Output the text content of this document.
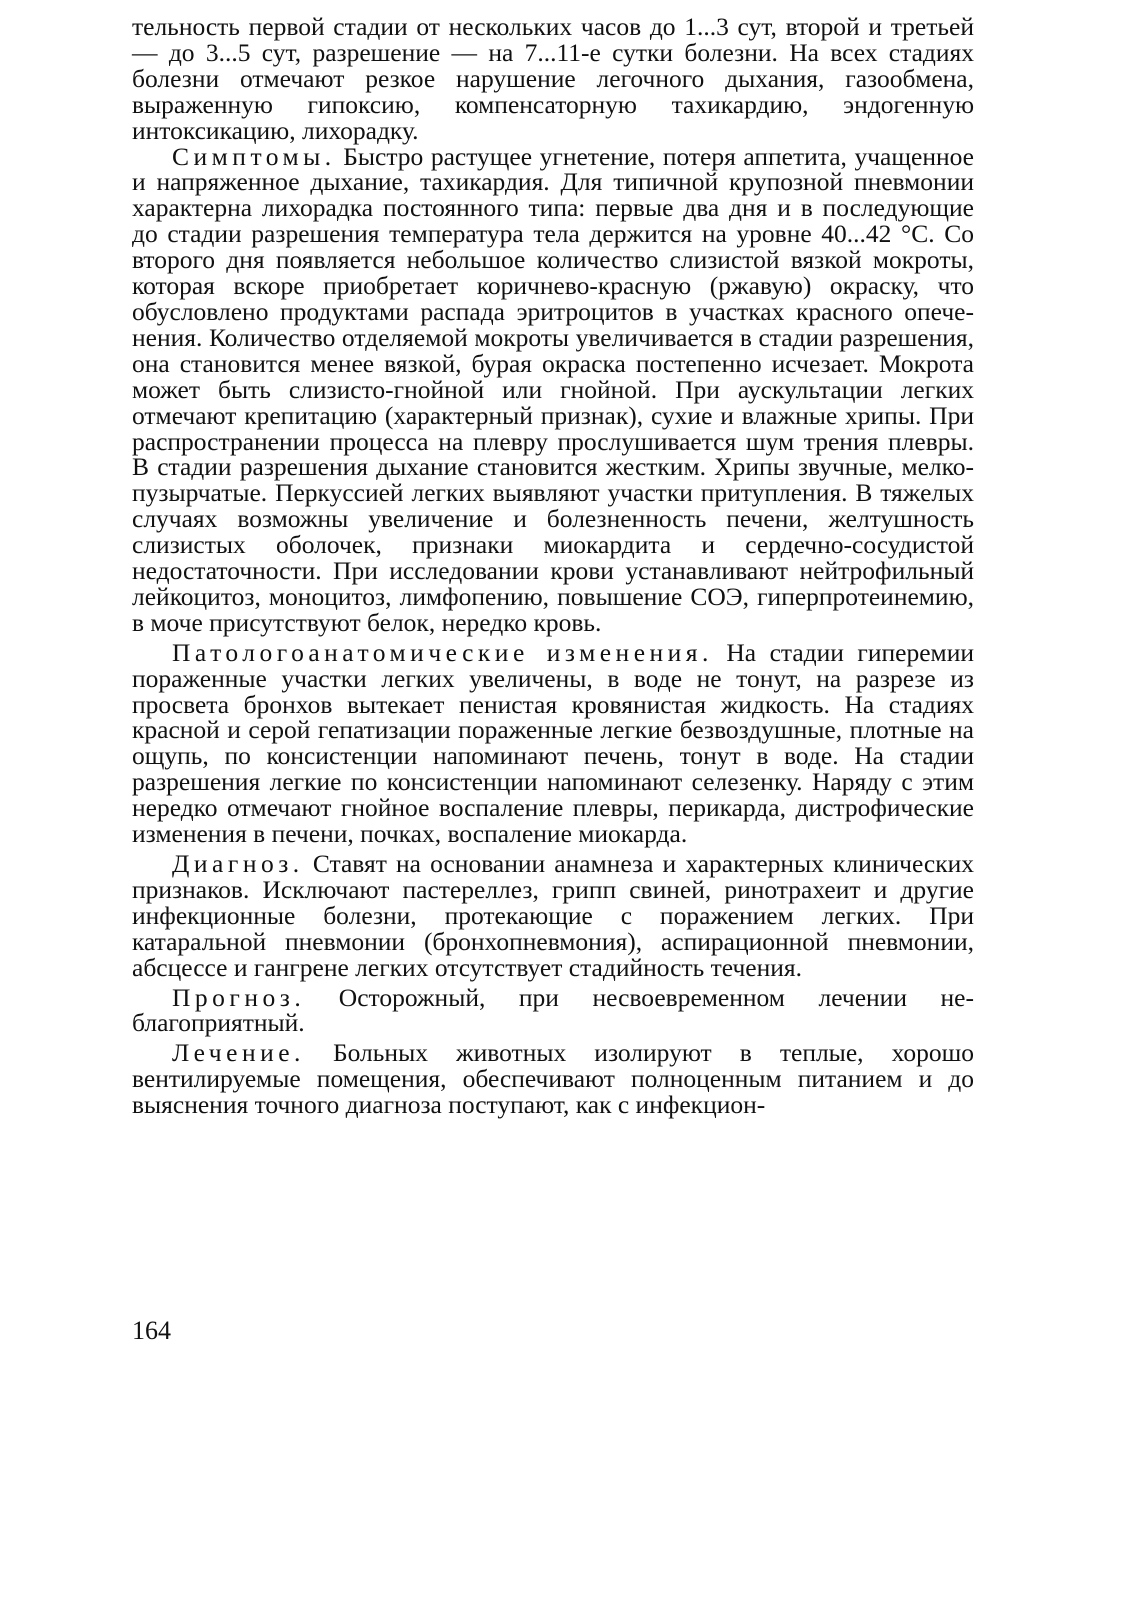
тельность первой стадии от нескольких часов до 1...3 сут, второй и третьей — до 3...5 сут, разрешение — на 7...11-е сутки болезни. На всех стадиях болезни отмечают резкое нарушение легочного дыхания, газообмена, выраженную гипоксию, компенсаторную тахикардию, эндогенную интоксикацию, лихорадку.

Симптомы. Быстро растущее угнетение, потеря аппетита, учащенное и напряженное дыхание, тахикардия. Для типичной крупозной пневмонии характерна лихорадка постоянного типа: первые два дня и в последующие до стадии разрешения температура тела держится на уровне 40...42 °С. Со второго дня появляется небольшое количество слизистой вязкой мокроты, которая вскоре приобретает коричнево-красную (ржавую) окраску, что обусловлено продуктами распада эритроцитов в участках красного опеченения. Количество отделяемой мокроты увеличивается в стадии разрешения, она становится менее вязкой, бурая окраска постепенно исчезает. Мокрота может быть слизисто-гнойной или гнойной. При аускультации легких отмечают крепитацию (характерный признак), сухие и влажные хрипы. При распространении процесса на плевру прослушивается шум трения плевры. В стадии разрешения дыхание становится жестким. Хрипы звучные, мелкопузырчатые. Перкуссией легких выявляют участки притупления. В тяжелых случаях возможны увеличение и болезненность печени, желтушность слизистых оболочек, признаки миокардита и сердечно-сосудистой недостаточности. При исследовании крови устанавливают нейтрофильный лейкоцитоз, моноцитоз, лимфопению, повышение СОЭ, гиперпротеинемию, в моче присутствуют белок, нередко кровь.

Патологоанатомические изменения. На стадии гиперемии пораженные участки легких увеличены, в воде не тонут, на разрезе из просвета бронхов вытекает пенистая кровянистая жидкость. На стадиях красной и серой гепатизации пораженные легкие безвоздушные, плотные на ощупь, по консистенции напоминают печень, тонут в воде. На стадии разрешения легкие по консистенции напоминают селезенку. Наряду с этим нередко отмечают гнойное воспаление плевры, перикарда, дистрофические изменения в печени, почках, воспаление миокарда.

Диагноз. Ставят на основании анамнеза и характерных клинических признаков. Исключают пастереллез, грипп свиней, ринотрахеит и другие инфекционные болезни, протекающие с поражением легких. При катаральной пневмонии (бронхопневмония), аспирационной пневмонии, абсцессе и гангрене легких отсутствует стадийность течения.

Прогноз. Осторожный, при несвоевременном лечении неблагоприятный.

Лечение. Больных животных изолируют в теплые, хорошо вентилируемые помещения, обеспечивают полноценным питанием и до выяснения точного диагноза поступают, как с инфекцион-

164
